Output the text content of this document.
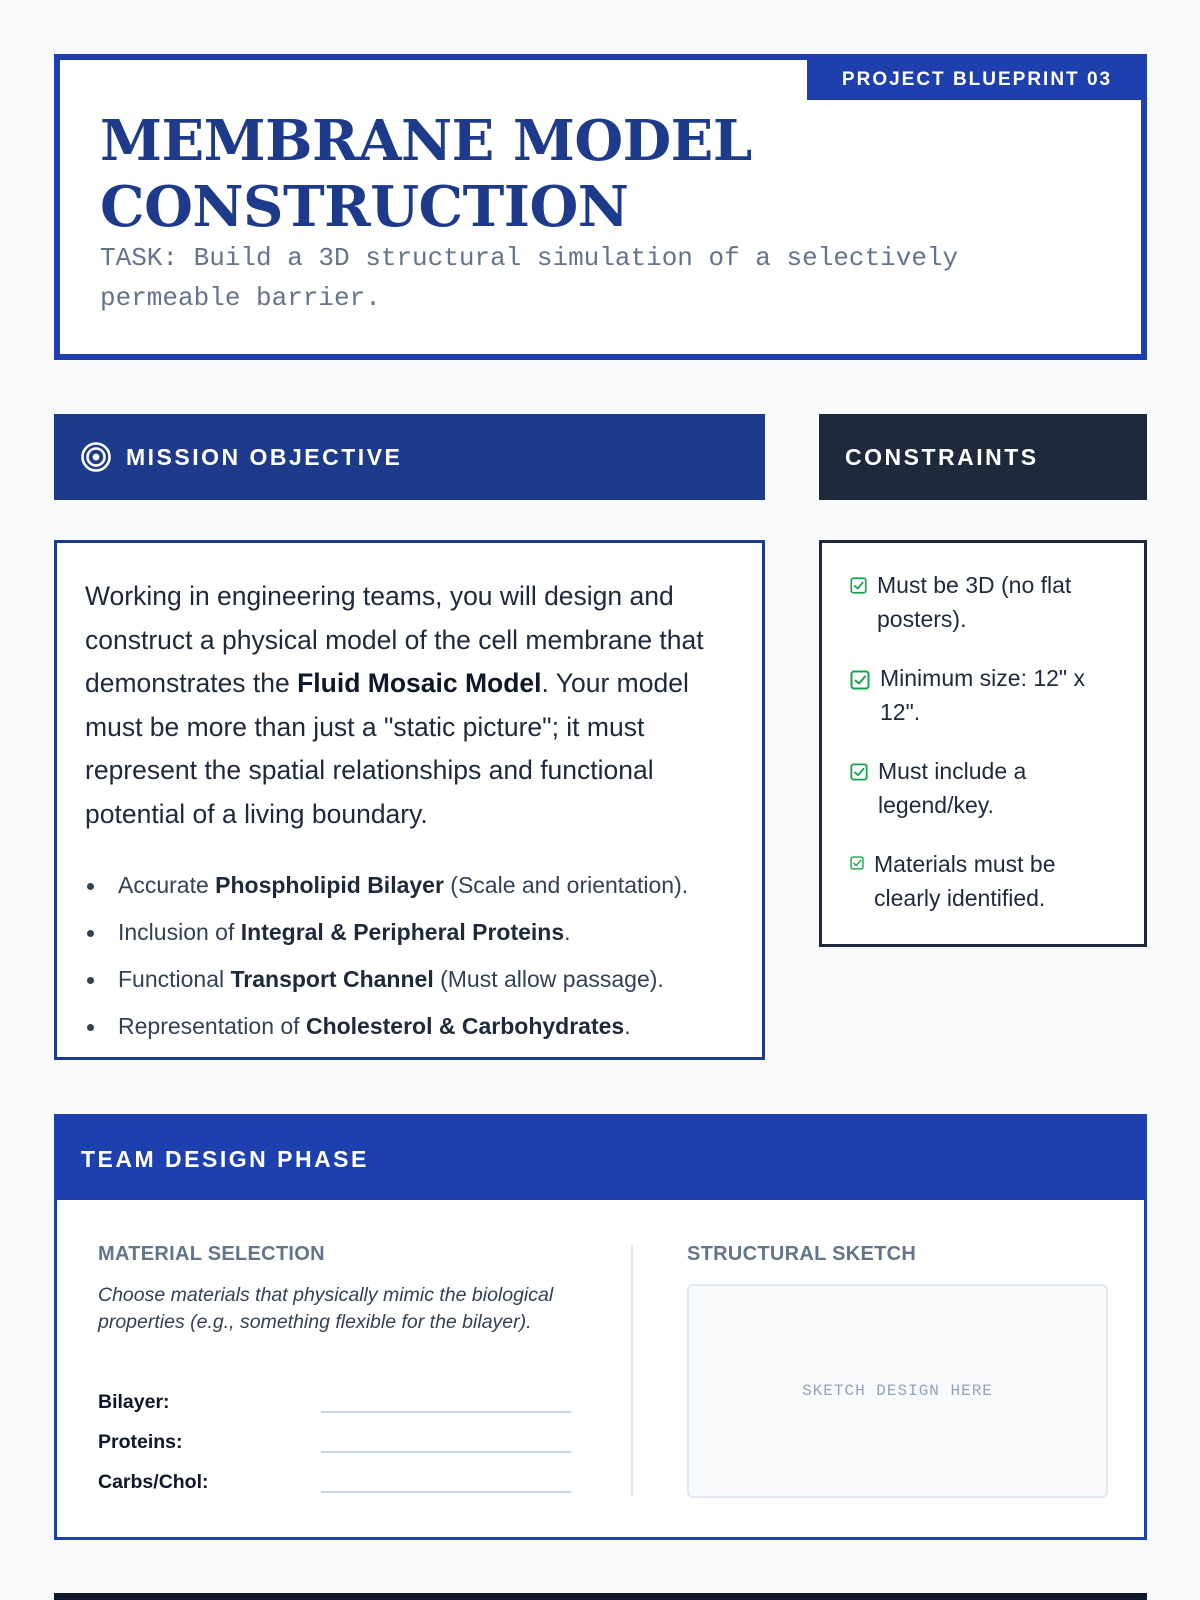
PROJECT BLUEPRINT 03
MEMBRANE MODEL CONSTRUCTION
TASK: Build a 3D structural simulation of a selectively permeable barrier.
MISSION OBJECTIVE	CONSTRAINTS

Working in engineering teams, you will design and construct a physical model of the cell membrane that demonstrates the Fluid Mosaic Model. Your model must be more than just a "static picture"; it must represent the spatial relationships and functional potential of a living boundary.

Accurate Phospholipid Bilayer (Scale and orientation).
Inclusion of Integral & Peripheral Proteins.
Functional Transport Channel (Must allow passage).
Representation of Cholesterol & Carbohydrates.
Must be 3D (no flat posters).
Minimum size: 12" x 12".
Must include a legend/key.
Materials must be clearly identified.
TEAM DESIGN PHASE
MATERIAL SELECTION
Choose materials that physically mimic the biological properties (e.g., something flexible for the bilayer).
Bilayer:
Proteins:
Carbs/Chol:
STRUCTURAL SKETCH
SKETCH DESIGN HERE
